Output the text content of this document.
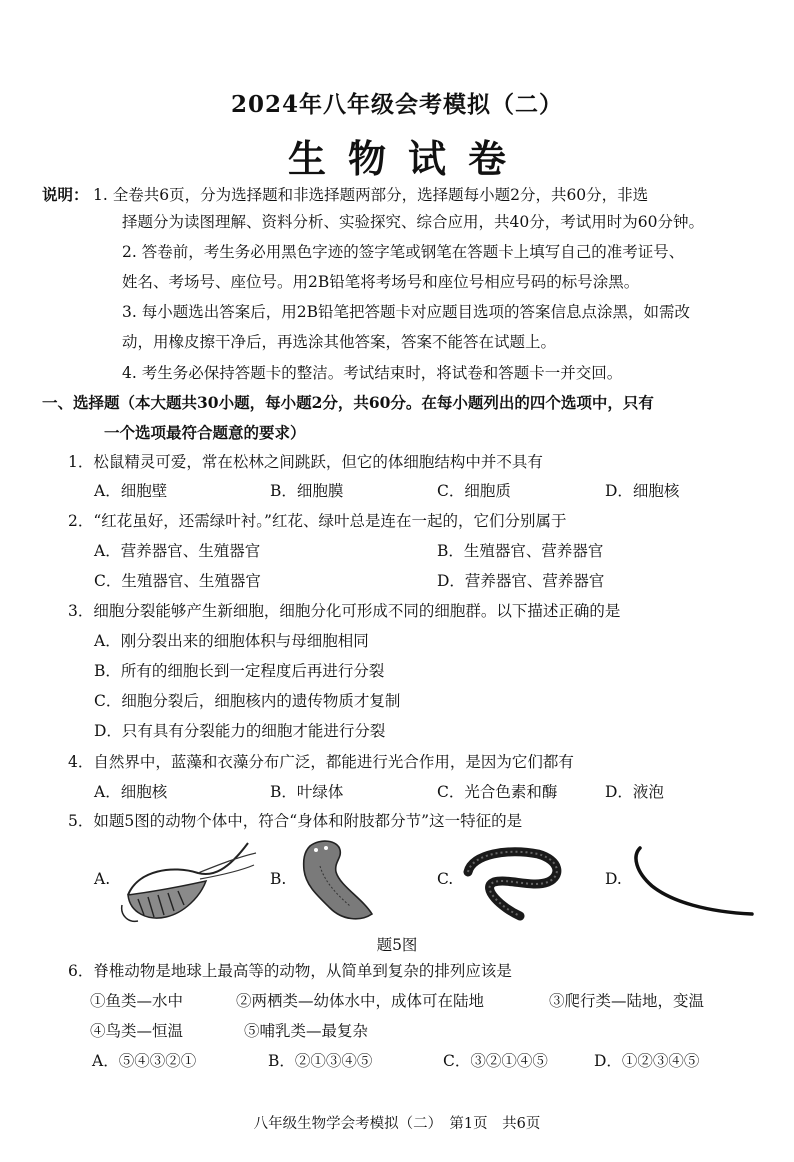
2024年八年级会考模拟（二）
生物试卷
说明： 1. 全卷共6页，分为选择题和非选择题两部分，选择题每小题2分，共60分，非选
择题分为读图理解、资料分析、实验探究、综合应用，共40分，考试用时为60分钟。
2. 答卷前，考生务必用黑色字迹的签字笔或钢笔在答题卡上填写自己的准考证号、
姓名、考场号、座位号。用2B铅笔将考场号和座位号相应号码的标号涂黑。
3. 每小题选出答案后，用2B铅笔把答题卡对应题目选项的答案信息点涂黑，如需改
动，用橡皮擦干净后，再选涂其他答案，答案不能答在试题上。
4. 考生务必保持答题卡的整洁。考试结束时，将试卷和答题卡一并交回。
一、选择题（本大题共30小题，每小题2分，共60分。在每小题列出的四个选项中，只有
一个选项最符合题意的要求）
1．松鼠精灵可爱，常在松林之间跳跃，但它的体细胞结构中并不具有
A．细胞壁	B．细胞膜	C．细胞质	D．细胞核
2．“红花虽好，还需绿叶衬。”红花、绿叶总是连在一起的，它们分别属于
A．营养器官、生殖器官	B．生殖器官、营养器官
C．生殖器官、生殖器官	D．营养器官、营养器官
3．细胞分裂能够产生新细胞，细胞分化可形成不同的细胞群。以下描述正确的是
A．刚分裂出来的细胞体积与母细胞相同
B．所有的细胞长到一定程度后再进行分裂
C．细胞分裂后，细胞核内的遗传物质才复制
D．只有具有分裂能力的细胞才能进行分裂
4．自然界中，蓝藻和衣藻分布广泛，都能进行光合作用，是因为它们都有
A．细胞核	B．叶绿体	C．光合色素和酶	D．液泡
5．如题5图的动物个体中，符合“身体和附肢都分节”这一特征的是
A.	B.	C.	D.
题5图
6．脊椎动物是地球上最高等的动物，从简单到复杂的排列应该是
①鱼类—水中	②两栖类—幼体水中，成体可在陆地	③爬行类—陆地，变温
④鸟类—恒温	⑤哺乳类—最复杂
A．⑤④③②①	B．②①③④⑤	C．③②①④⑤	D．①②③④⑤
八年级生物学会考模拟（二）　第1页　共6页
